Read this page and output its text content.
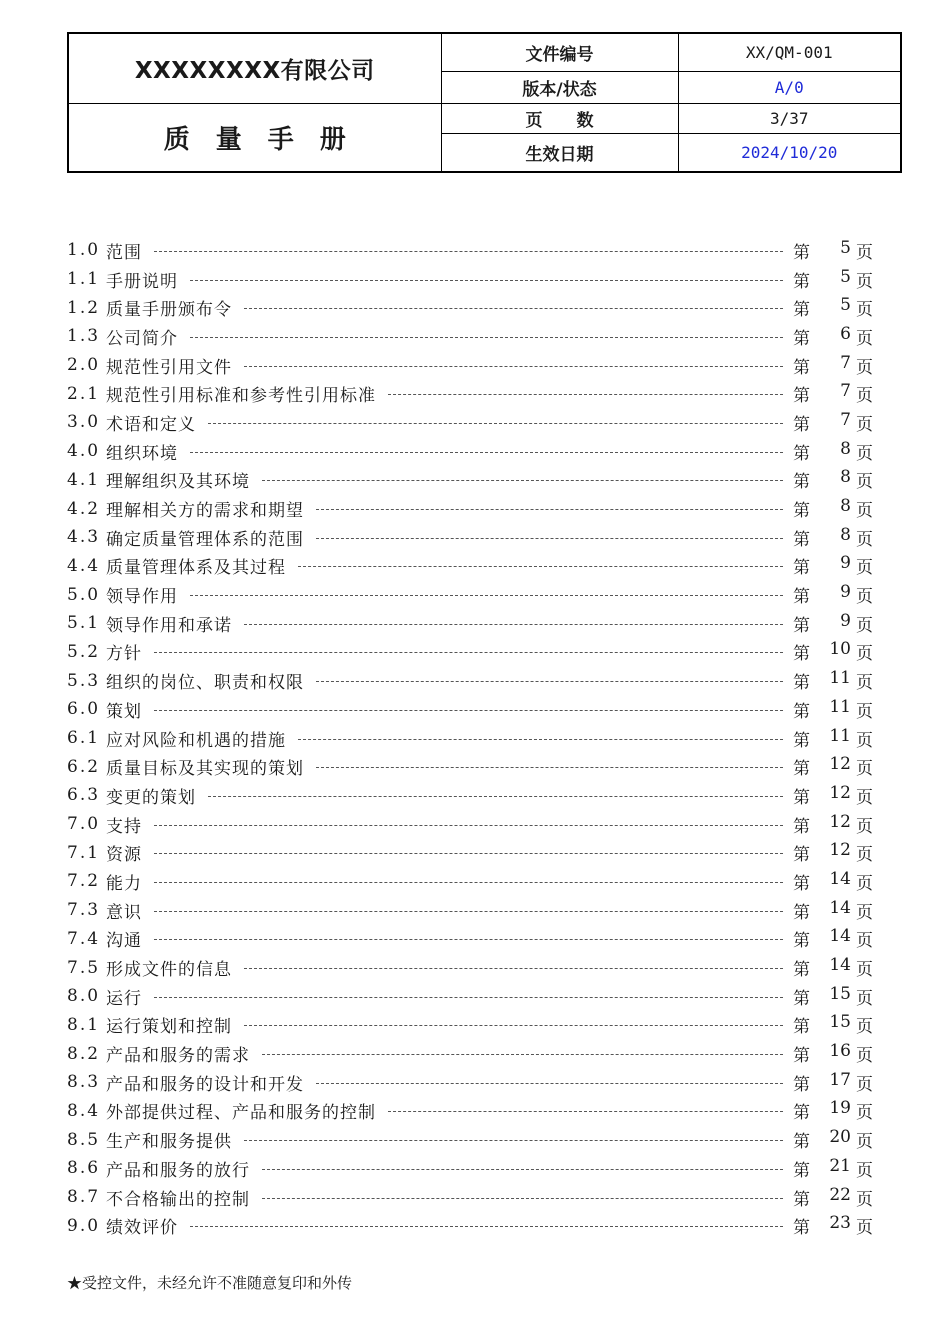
XXXXXXXX有限公司	文件编号	XX/QM-001
	版本/状态	A/0
质量手册	页数	3/37
	生效日期	2024/10/20
1.0 范围	第	5 页
1.1 手册说明	第	5 页
1.2 质量手册颁布令	第	5 页
1.3 公司简介	第	6 页
2.0 规范性引用文件	第	7 页
2.1 规范性引用标准和参考性引用标准	第	7 页
3.0 术语和定义	第	7 页
4.0 组织环境	第	8 页
4.1 理解组织及其环境	第	8 页
4.2 理解相关方的需求和期望	第	8 页
4.3 确定质量管理体系的范围	第	8 页
4.4 质量管理体系及其过程	第	9 页
5.0 领导作用	第	9 页
5.1 领导作用和承诺	第	9 页
5.2 方针	第	10 页
5.3 组织的岗位、职责和权限	第	11 页
6.0 策划	第	11 页
6.1 应对风险和机遇的措施	第	11 页
6.2 质量目标及其实现的策划	第	12 页
6.3 变更的策划	第	12 页
7.0 支持	第	12 页
7.1 资源	第	12 页
7.2 能力	第	14 页
7.3 意识	第	14 页
7.4 沟通	第	14 页
7.5 形成文件的信息	第	14 页
8.0 运行	第	15 页
8.1 运行策划和控制	第	15 页
8.2 产品和服务的需求	第	16 页
8.3 产品和服务的设计和开发	第	17 页
8.4 外部提供过程、产品和服务的控制	第	19 页
8.5 生产和服务提供	第	20 页
8.6 产品和服务的放行	第	21 页
8.7 不合格输出的控制	第	22 页
9.0 绩效评价	第	23 页
★受控文件，未经允许不准随意复印和外传
